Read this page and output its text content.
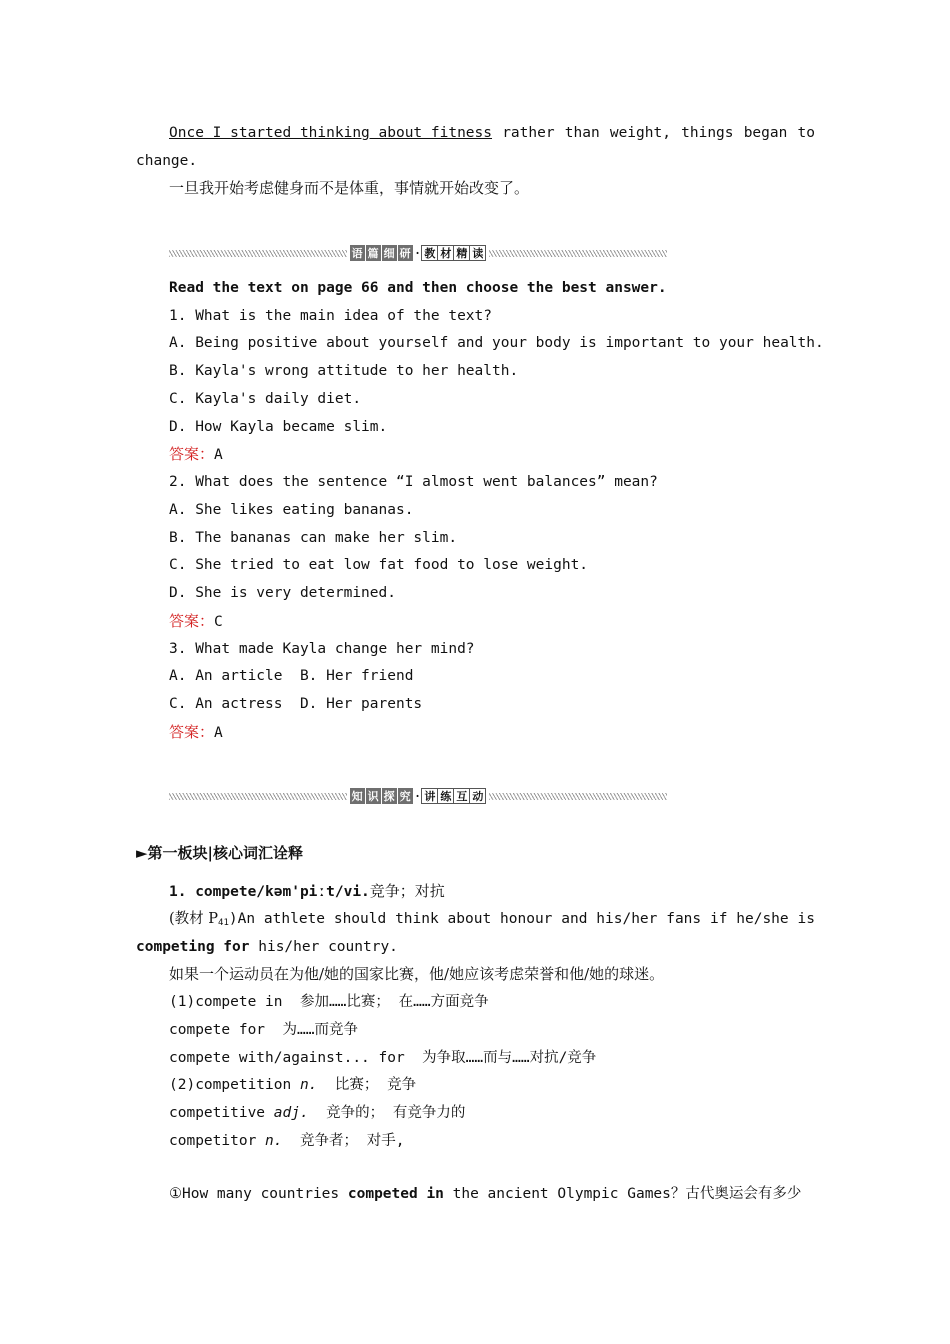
Once I started thinking about fitness rather than weight, things began to
change.
一旦我开始考虑健身而不是体重，事情就开始改变了。
语 篇 细 研 · 教 材 精 读
Read the text on page 66 and then choose the best answer.
1. What is the main idea of the text?
A. Being positive about yourself and your body is important to your health.
B. Kayla's wrong attitude to her health.
C. Kayla's daily diet.
D. How Kayla became slim.
答案：A
2. What does the sentence “I almost went balances” mean?
A. She likes eating bananas.
B. The bananas can make her slim.
C. She tried to eat low fat food to lose weight.
D. She is very determined.
答案：C
3. What made Kayla change her mind?
A. An article  B. Her friend
C. An actress  D. Her parents
答案：A
知 识 探 究 · 讲 练 互 动
►第一板块|核心词汇诠释
1. compete/kəm'piːt/vi.竞争；对抗
(教材 $P_{41})An$ athlete should think about honour and his/her fans if he/she is
competing for his/her country.
如果一个运动员在为他/她的国家比赛，他/她应该考虑荣誉和他/她的球迷。
(1)compete in  参加……比赛； 在……方面竞争
compete for  为……而竞争
compete with/against... for  为争取……而与……对抗/竞争
(2)competition n.  比赛； 竞争
competitive adj.  竞争的； 有竞争力的
competitor n.  竞争者； 对手,
①How many countries competed in the ancient Olympic Games？古代奥运会有多少
